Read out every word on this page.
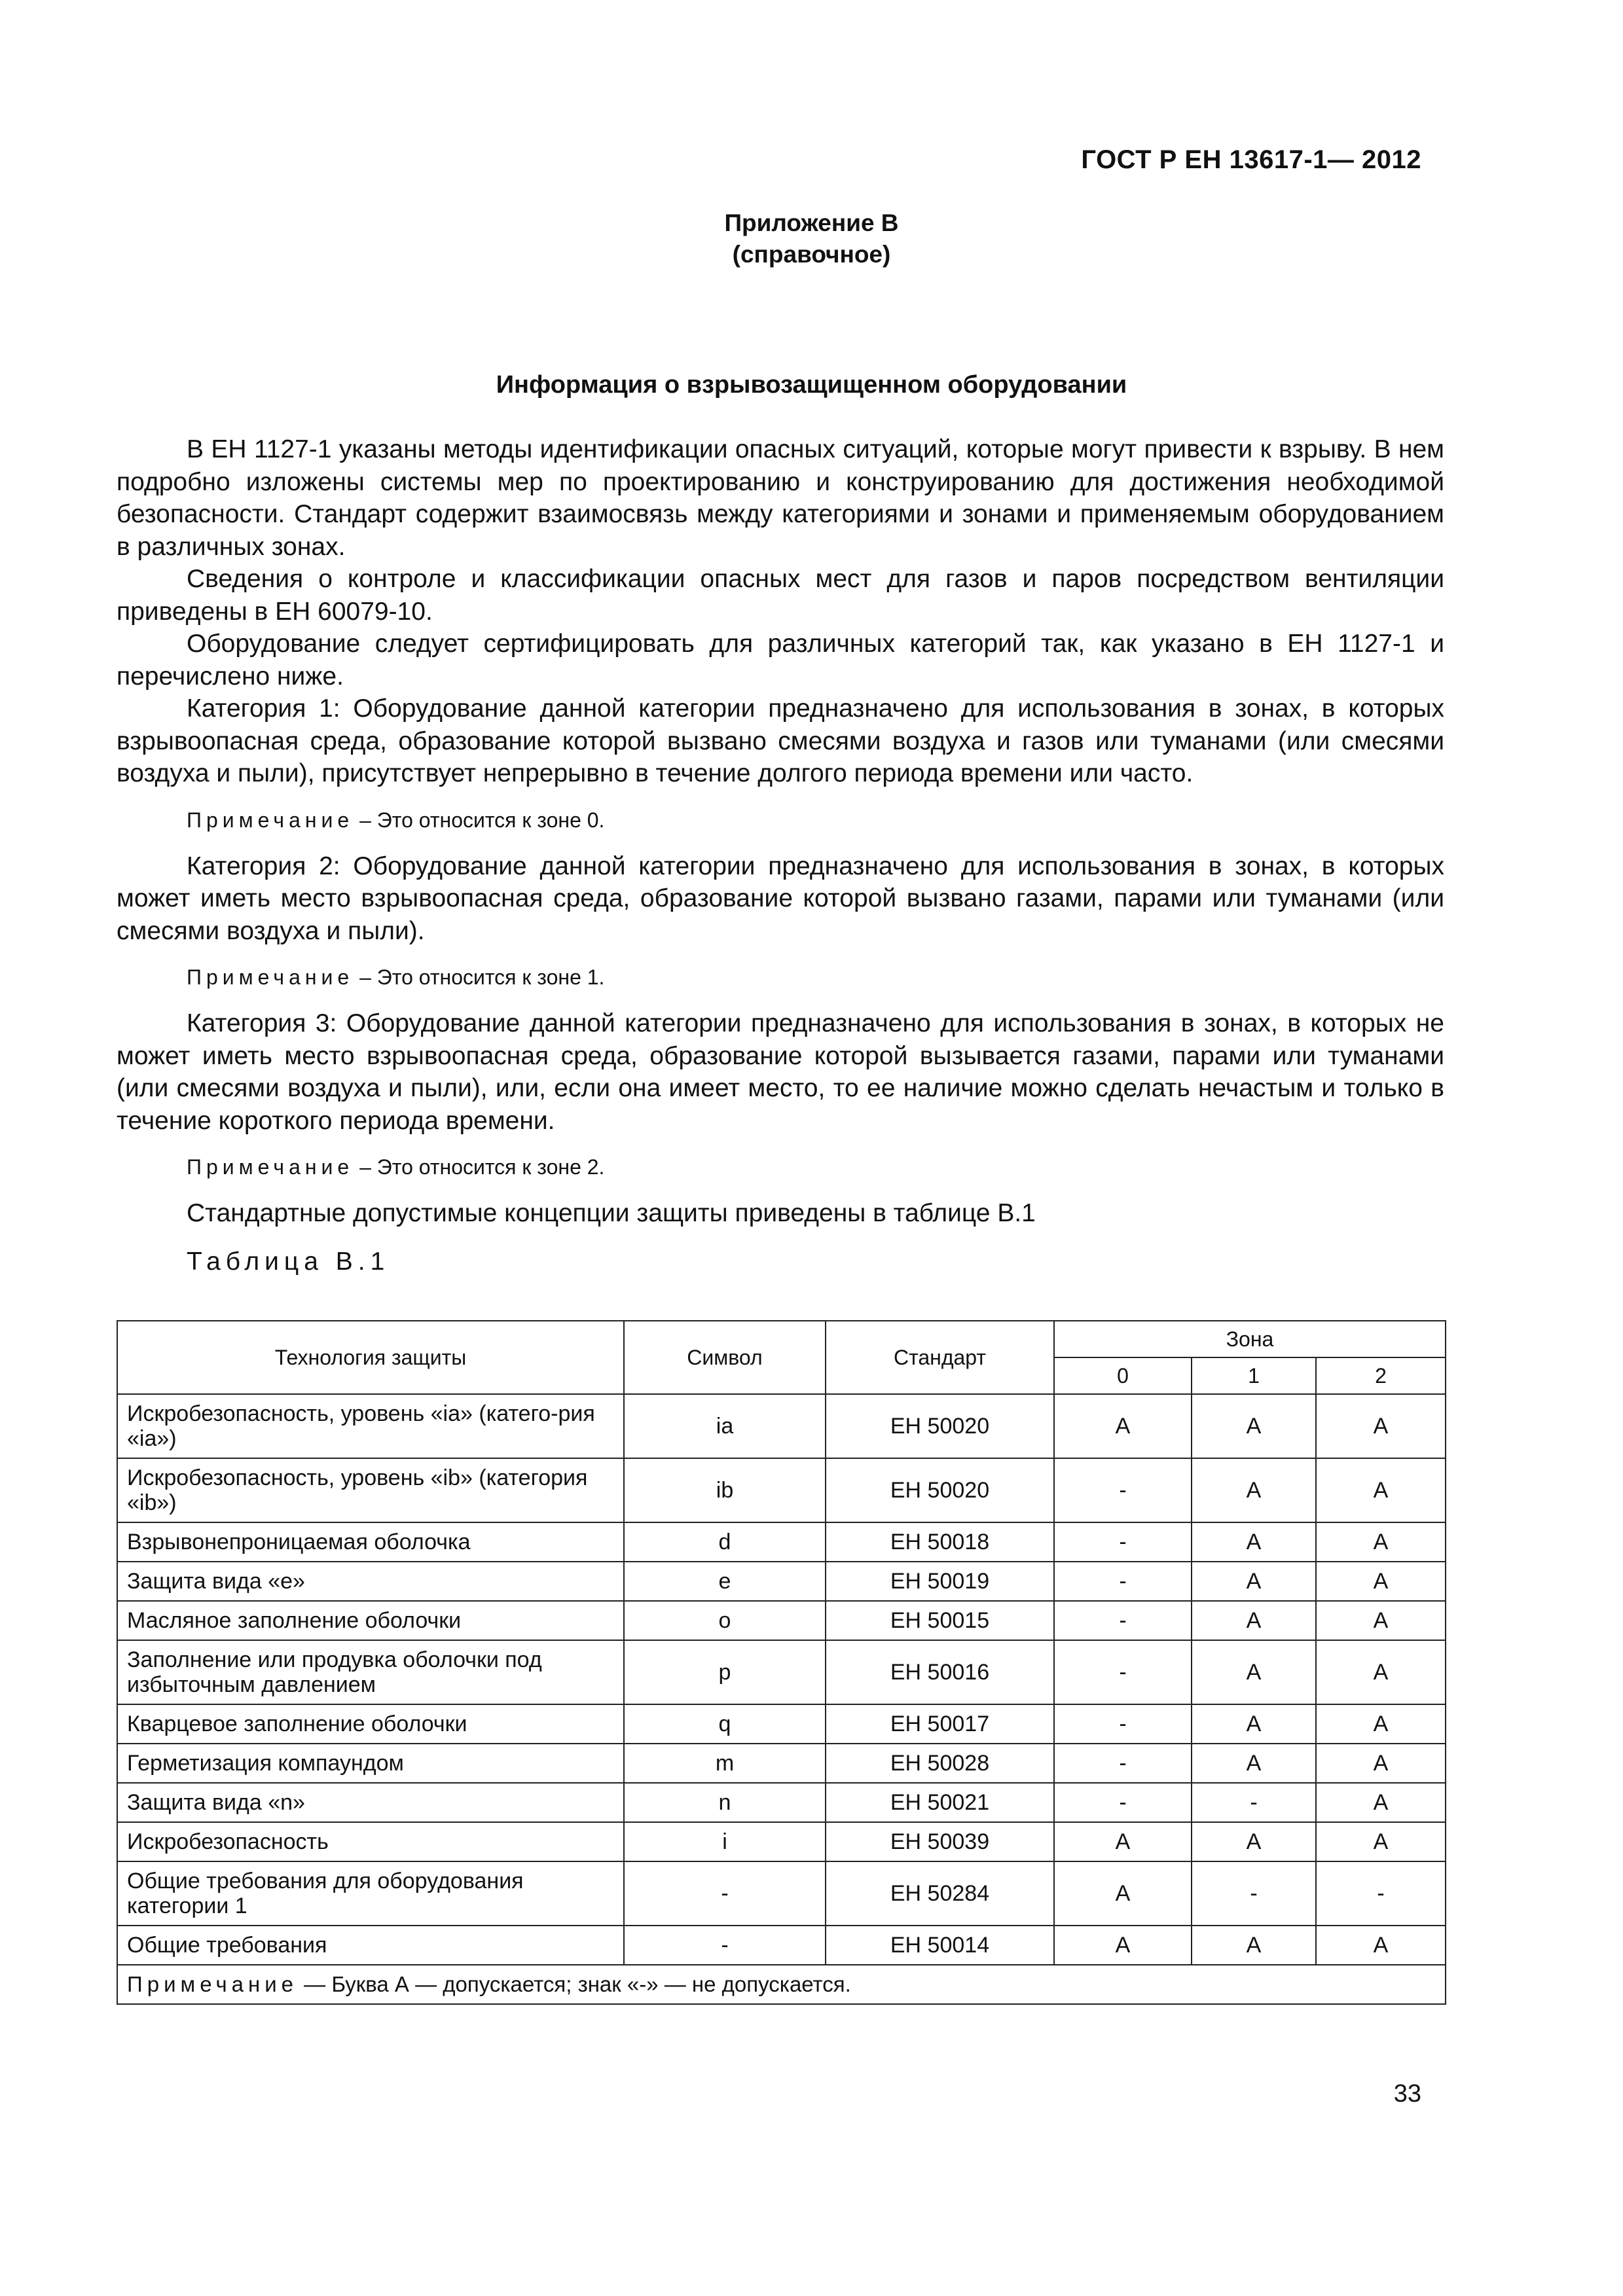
ГОСТ Р ЕН 13617-1— 2012
Приложение В
(справочное)
Информация о взрывозащищенном оборудовании

В ЕН 1127-1 указаны методы идентификации опасных ситуаций, которые могут привести к взрыву. В нем подробно изложены системы мер по проектированию и конструированию для достижения необходимой безопасности. Стандарт содержит взаимосвязь между категориями и зонами и применяемым оборудованием в различных зонах.

Сведения о контроле и классификации опасных мест для газов и паров посредством вентиляции приведены в ЕН 60079-10.

Оборудование следует сертифицировать для различных категорий так, как указано в ЕН 1127-1 и перечислено ниже.

Категория 1: Оборудование данной категории предназначено для использования в зонах, в которых взрывоопасная среда, образование которой вызвано смесями воздуха и газов или туманами (или смесями воздуха и пыли), присутствует непрерывно в течение долгого периода времени или часто.

Примечание – Это относится к зоне 0.

Категория 2: Оборудование данной категории предназначено для использования в зонах, в которых может иметь место взрывоопасная среда, образование которой вызвано газами, парами или туманами (или смесями воздуха и пыли).

Примечание – Это относится к зоне 1.

Категория 3: Оборудование данной категории предназначено для использования в зонах, в которых не может иметь место взрывоопасная среда, образование которой вызывается газами, парами или туманами (или смесями воздуха и пыли), или, если она имеет место, то ее наличие можно сделать нечастым и только в течение короткого периода времени.

Примечание – Это относится к зоне 2.

Стандартные допустимые концепции защиты приведены в таблице В.1

Таблица В.1
Технология защиты	Символ	Стандарт	Зона		
			0	1	2
Искробезопасность, уровень «ia» (катего-рия «ia»)	ia	ЕН 50020	А	А	А
Искробезопасность, уровень «ib» (категория «ib»)	ib	ЕН 50020	-	А	А
Взрывонепроницаемая оболочка	d	ЕН 50018	-	А	А
Защита вида «е»	e	ЕН 50019	-	А	А
Масляное заполнение оболочки	o	ЕН 50015	-	А	А
Заполнение или продувка оболочки под избыточным давлением	p	ЕН 50016	-	А	А
Кварцевое заполнение оболочки	q	ЕН 50017	-	А	А
Герметизация компаундом	m	ЕН 50028	-	А	А
Защита вида «n»	n	ЕН 50021	-	-	А
Искробезопасность	i	ЕН 50039	А	А	А
Общие требования для оборудования категории 1	-	ЕН 50284	А	-	-
Общие требования	-	ЕН 50014	А	А	А
Примечание — Буква А — допускается; знак «-» — не допускается.					
33
